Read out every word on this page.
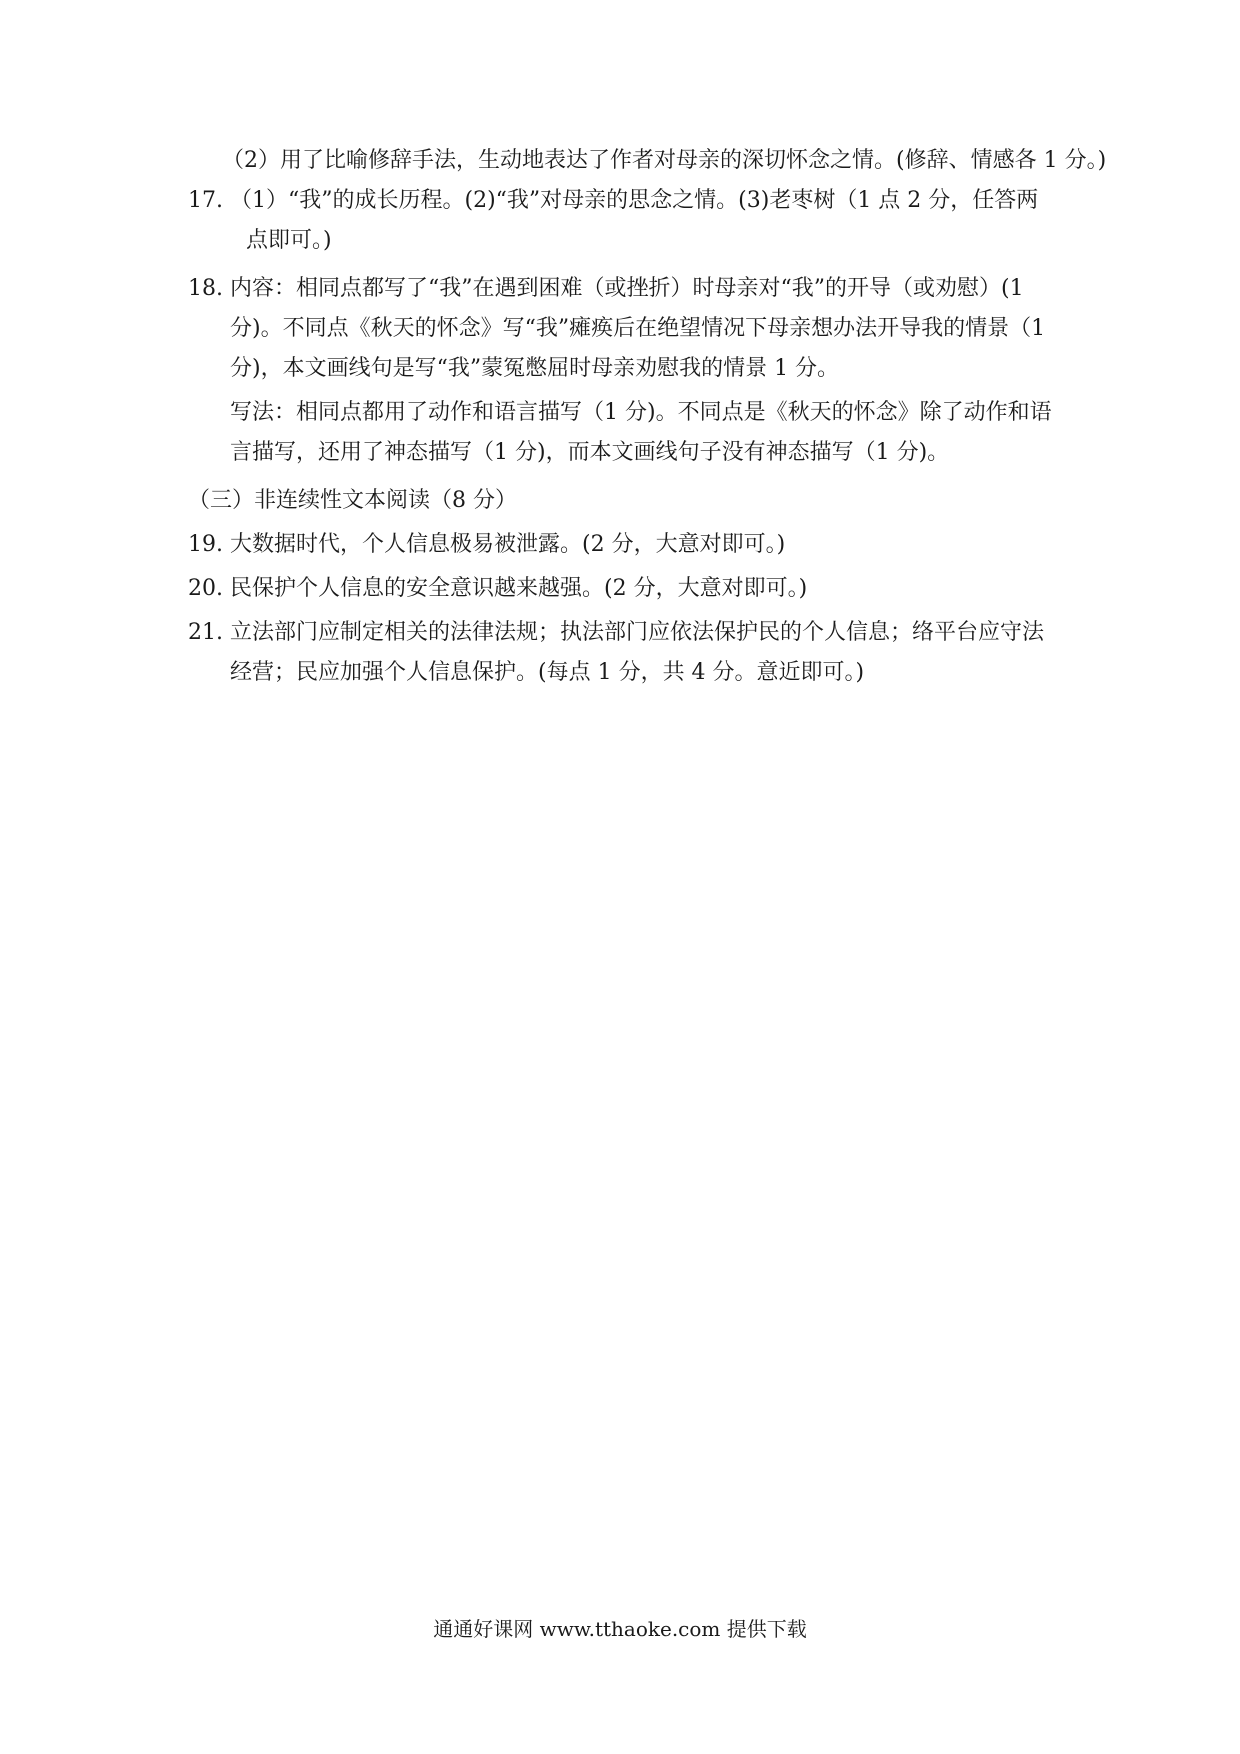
（2）用了比喻修辞手法，生动地表达了作者对母亲的深切怀念之情。(修辞、情感各 1 分。)
17. （1）“我”的成长历程。(2)“我”对母亲的思念之情。(3)老枣树（1 点 2 分，任答两
点即可。)
18. 内容：相同点都写了“我”在遇到困难（或挫折）时母亲对“我”的开导（或劝慰）(1
分)。不同点《秋天的怀念》写“我”瘫痪后在绝望情况下母亲想办法开导我的情景（1
分)，本文画线句是写“我”蒙冤憋屈时母亲劝慰我的情景 1 分。
写法：相同点都用了动作和语言描写（1 分)。不同点是《秋天的怀念》除了动作和语
言描写，还用了神态描写（1 分)，而本文画线句子没有神态描写（1 分)。
（三）非连续性文本阅读（8 分）
19. 大数据时代，个人信息极易被泄露。(2 分，大意对即可。)
20. 民保护个人信息的安全意识越来越强。(2 分，大意对即可。)
21. 立法部门应制定相关的法律法规；执法部门应依法保护民的个人信息；络平台应守法
经营；民应加强个人信息保护。(每点 1 分，共 4 分。意近即可。)
通通好课网 www.tthaoke.com 提供下载
